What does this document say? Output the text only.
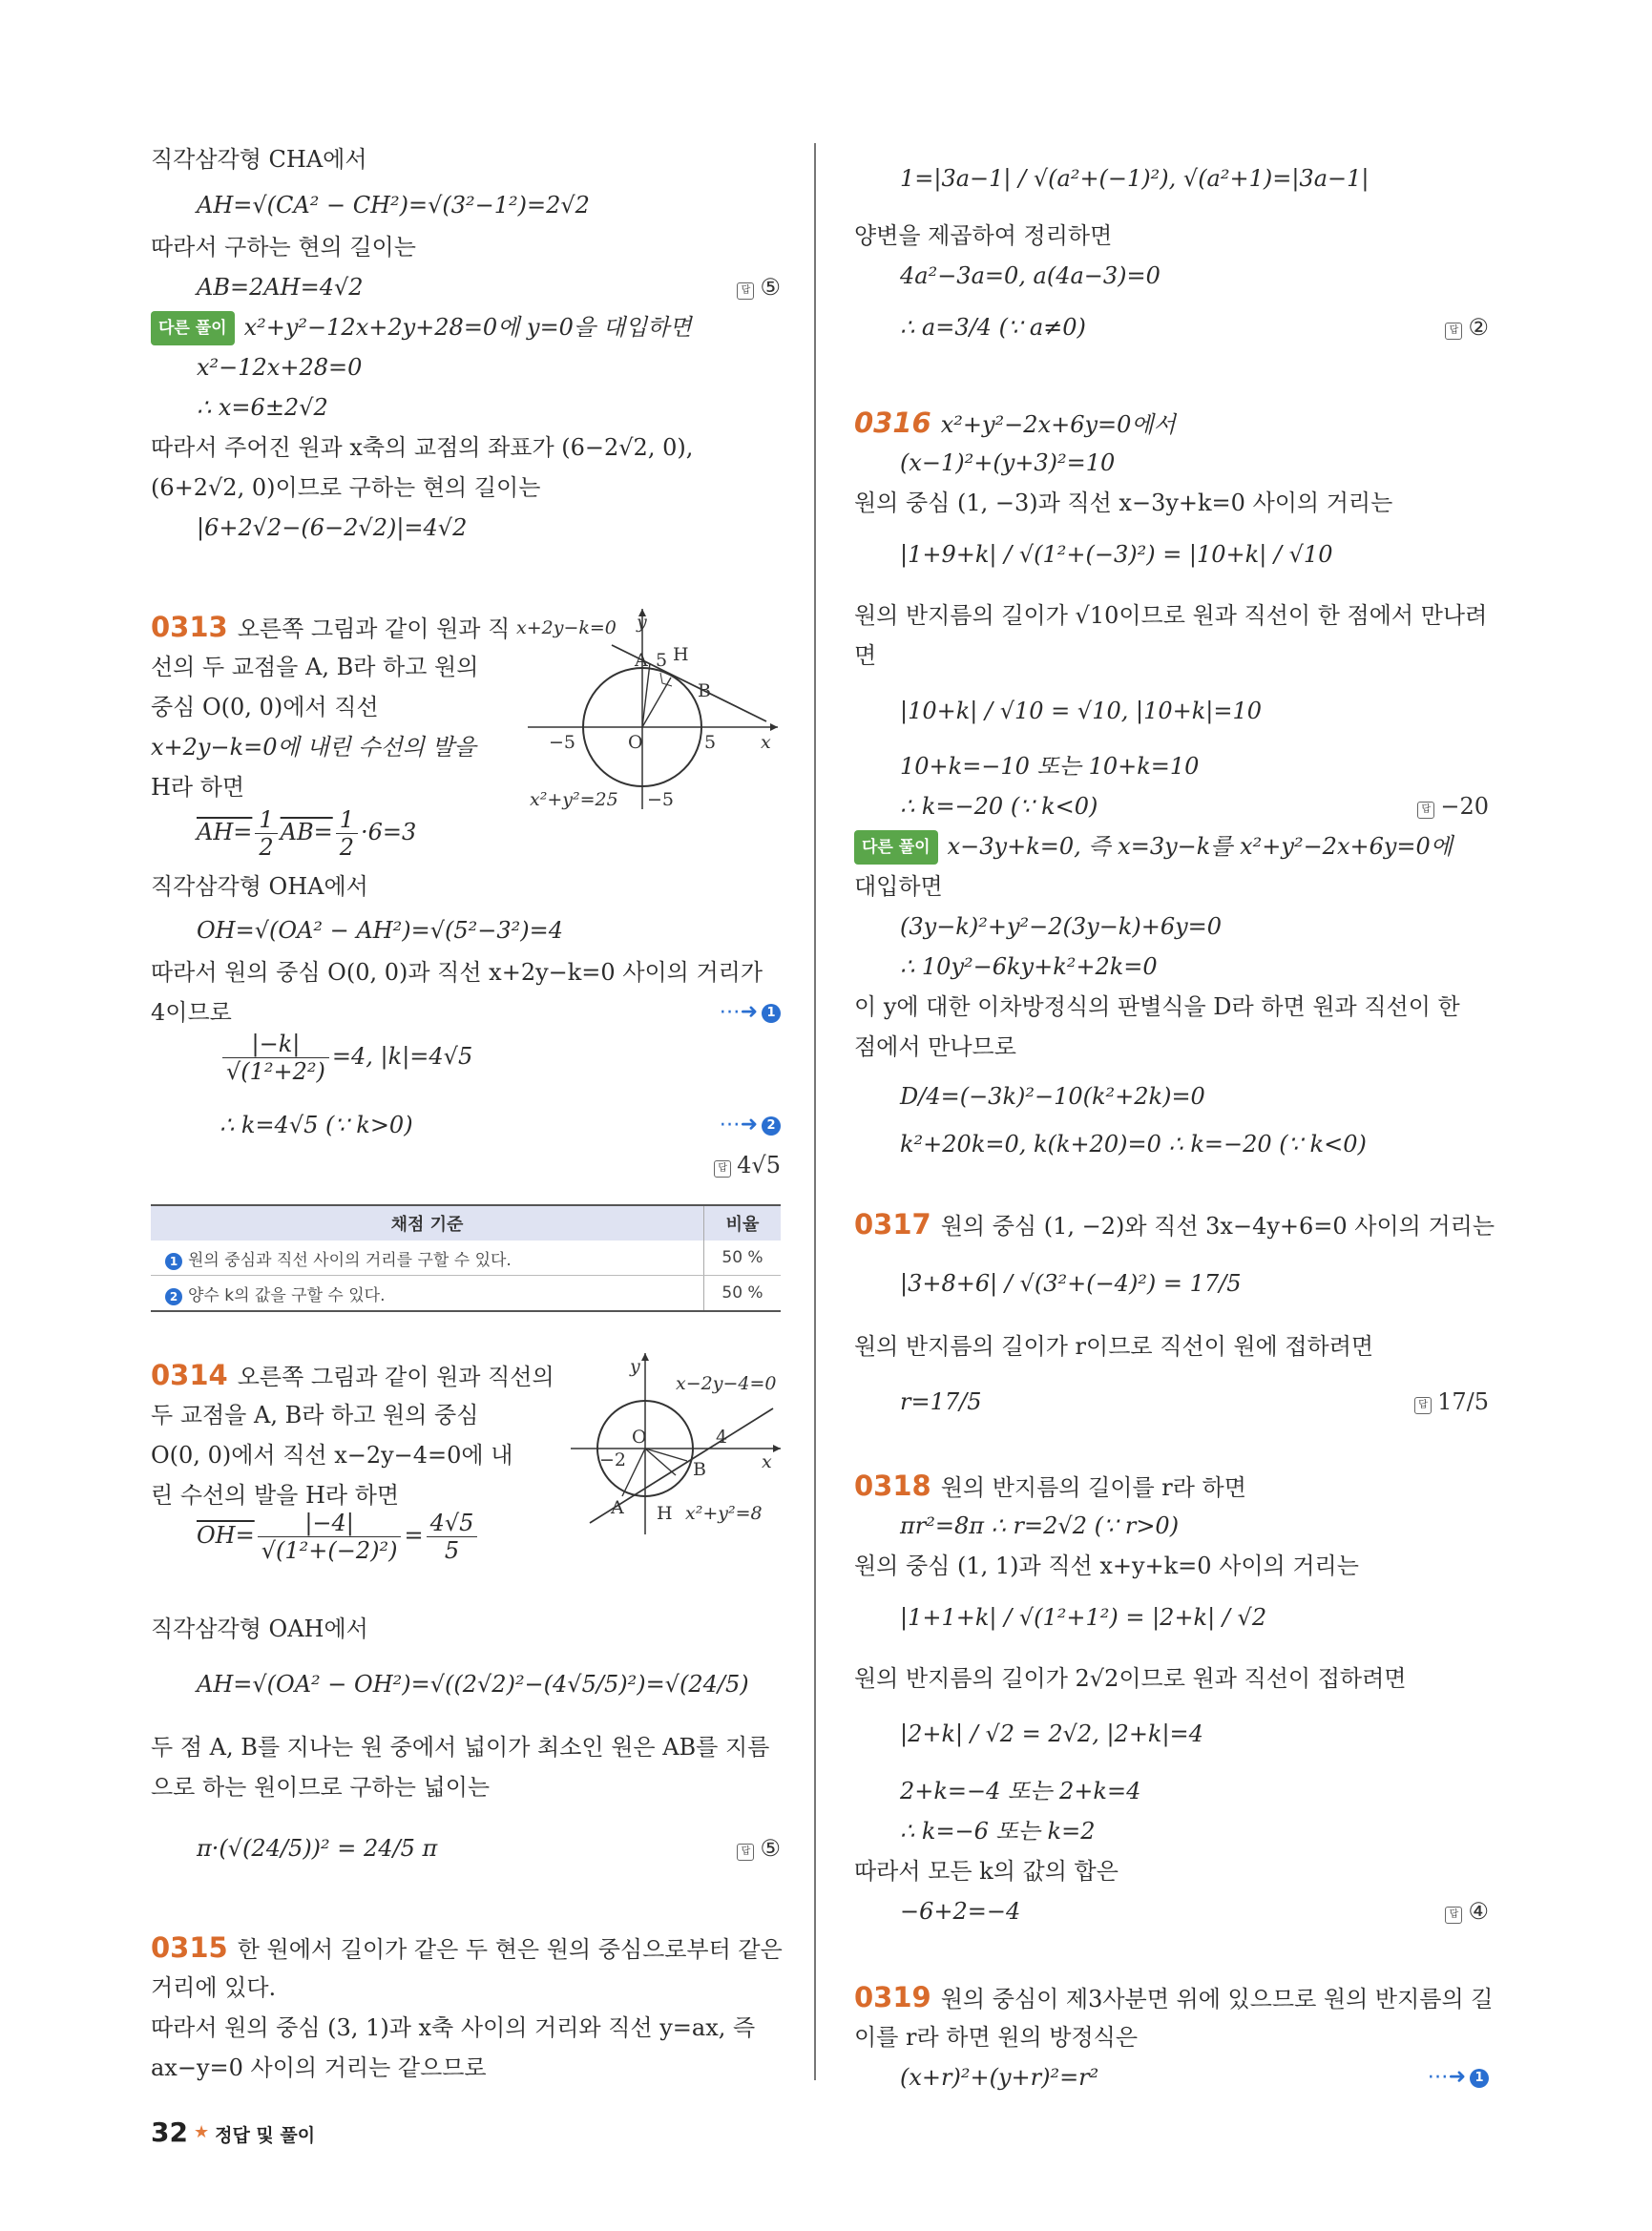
직각삼각형 CHA에서
AH=√(CA² − CH²)=√(3²−1²)=2√2
따라서 구하는 현의 길이는
AB=2AH=4√2	답 ⑤
다른 풀이 x²+y²−12x+2y+28=0에 y=0을 대입하면
x²−12x+28=0
∴ x=6±2√2
따라서 주어진 원과 x축의 교점의 좌표가 (6−2√2, 0),
(6+2√2, 0)이므로 구하는 현의 길이는
|6+2√2−(6−2√2)|=4√2
0313 오른쪽 그림과 같이 원과 직
선의 두 교점을 A, B라 하고 원의
중심 O(0, 0)에서 직선
x+2y−k=0에 내린 수선의 발을
H라 하면
x+2y−k=0 y
A 5 H
B
O
−5	5 x
x²+y²=25 −5
$AH= \frac{1}{2} AB= \frac{1}{2} \cdot 6=3$
직각삼각형 OHA에서
OH=√(OA² − AH²)=√(5²−3²)=4
따라서 원의 중심 O(0, 0)과 직선 x+2y−k=0 사이의 거리가
4이므로	⋯➜ 1
$\frac{|-k|}{\text{√(1²+2²)}} =4$, |k|=4√5
∴ k=4√5 (∵ k>0)	⋯➜ 2
답 4√5
채점 기준	비율
1 원의 중심과 직선 사이의 거리를 구할 수 있다.	50 %
2 양수 k의 값을 구할 수 있다.	50 %
0314 오른쪽 그림과 같이 원과 직선의
두 교점을 A, B라 하고 원의 중심
O(0, 0)에서 직선 x−2y−4=0에 내
린 수선의 발을 H라 하면
y
x−2y−4=0
O	4
x
−2	B
A H x²+y²=8
$OH= \frac{|-4|}{\text{√(1²+(−2)²)}} = \frac{4√5}{5}$
직각삼각형 OAH에서
AH=√(OA² − OH²)=√((2√2)²−(4√5/5)²)=√(24/5)
두 점 A, B를 지나는 원 중에서 넓이가 최소인 원은 AB를 지름
으로 하는 원이므로 구하는 넓이는
π·(√(24/5))² = 24/5 π	답 ⑤
0315 한 원에서 길이가 같은 두 현은 원의 중심으로부터 같은
거리에 있다.
따라서 원의 중심 (3, 1)과 x축 사이의 거리와 직선 y=ax, 즉
ax−y=0 사이의 거리는 같으므로
1=|3a−1| / √(a²+(−1)²), √(a²+1)=|3a−1|
양변을 제곱하여 정리하면
4a²−3a=0, a(4a−3)=0
∴ a=3/4 (∵ a≠0)	답 ②
0316 x²+y²−2x+6y=0에서
(x−1)²+(y+3)²=10
원의 중심 (1, −3)과 직선 x−3y+k=0 사이의 거리는
|1+9+k| / √(1²+(−3)²) = |10+k| / √10
원의 반지름의 길이가 √10이므로 원과 직선이 한 점에서 만나려
면
|10+k| / √10 = √10, |10+k|=10
10+k=−10 또는 10+k=10
∴ k=−20 (∵ k<0)	답 −20
다른 풀이 x−3y+k=0, 즉 x=3y−k를 x²+y²−2x+6y=0에
대입하면
(3y−k)²+y²−2(3y−k)+6y=0
∴ 10y²−6ky+k²+2k=0
이 y에 대한 이차방정식의 판별식을 D라 하면 원과 직선이 한
점에서 만나므로
D/4=(−3k)²−10(k²+2k)=0
k²+20k=0, k(k+20)=0 ∴ k=−20 (∵ k<0)
0317 원의 중심 (1, −2)와 직선 3x−4y+6=0 사이의 거리는
|3+8+6| / √(3²+(−4)²) = 17/5
원의 반지름의 길이가 r이므로 직선이 원에 접하려면
r=17/5	답 17/5
0318 원의 반지름의 길이를 r라 하면
πr²=8π ∴ r=2√2 (∵ r>0)
원의 중심 (1, 1)과 직선 x+y+k=0 사이의 거리는
|1+1+k| / √(1²+1²) = |2+k| / √2
원의 반지름의 길이가 2√2이므로 원과 직선이 접하려면
|2+k| / √2 = 2√2, |2+k|=4
2+k=−4 또는 2+k=4
∴ k=−6 또는 k=2
따라서 모든 k의 값의 합은
−6+2=−4	답 ④
0319 원의 중심이 제3사분면 위에 있으므로 원의 반지름의 길
이를 r라 하면 원의 방정식은
(x+r)²+(y+r)²=r²	⋯➜ 1
32 ★ 정답 및 풀이
